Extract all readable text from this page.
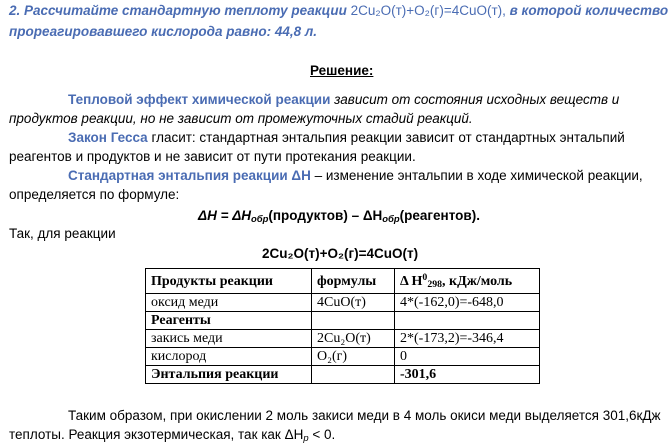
2. Рассчитайте стандартную теплоту реакции 2Cu₂O(т)+O₂(г)=4CuO(т), в которой количество
прореагировавшего кислорода равно: 44,8 л.
Решение:
Тепловой эффект химической реакции зависит от состояния исходных веществ и
продуктов реакции, но не зависит от промежуточных стадий реакций.
Закон Гесса гласит: стандартная энтальпия реакции зависит от стандартных энтальпий
реагентов и продуктов и не зависит от пути протекания реакции.
Стандартная энтальпия реакции ΔН – изменение энтальпии в ходе химической реакции,
определяется по формуле:
$\Delta Н = \Delta Н_{обр}(продуктов)$ – $\Delta Н_{обр}(реагентов)$.
Так, для реакции
2Cu₂O(т)+O₂(г)=4CuO(т)
Продукты реакции	формулы	Δ $Н^0_{298}$, кДж/моль
оксид меди	4CuO(т)	4*(-162,0)=-648,0
Реагенты		
закись меди	2Cu₂O(т)	2*(-173,2)=-346,4
кислород	O₂(г)	0
Энтальпия реакции		-301,6
Таким образом, при окислении 2 моль закиси меди в 4 моль окиси меди выделяется 301,6кДж
теплоты. Реакция экзотермическая, так как $\Delta Н_р < 0$.
